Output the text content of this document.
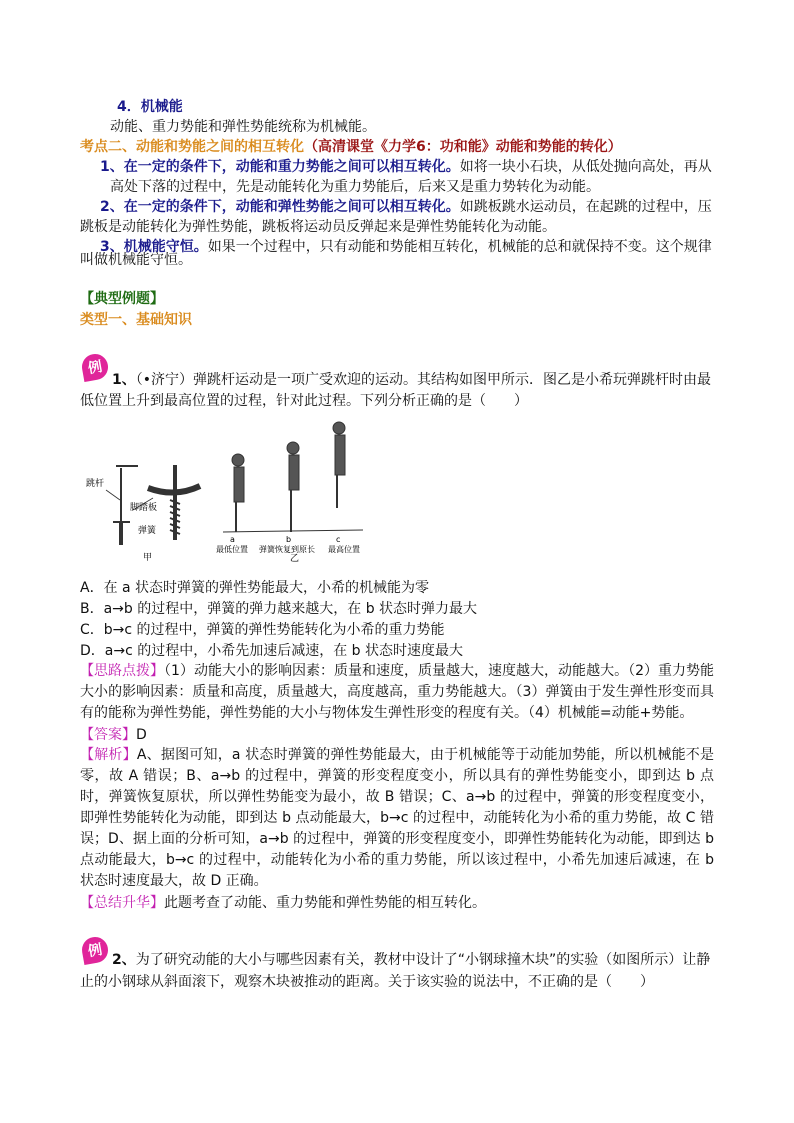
4．机械能
动能、重力势能和弹性势能统称为机械能。
考点二、动能和势能之间的相互转化（高清课堂《力学6：功和能》动能和势能的转化）
1、在一定的条件下，动能和重力势能之间可以相互转化。如将一块小石块，从低处抛向高处，再从
高处下落的过程中，先是动能转化为重力势能后，后来又是重力势转化为动能。
2、在一定的条件下，动能和弹性势能之间可以相互转化。如跳板跳水运动员，在起跳的过程中，压
跳板是动能转化为弹性势能，跳板将运动员反弹起来是弹性势能转化为动能。
3、机械能守恒。如果一个过程中，只有动能和势能相互转化，机械能的总和就保持不变。这个规律
叫做机械能守恒。
【典型例题】
类型一、基础知识
例
1、（•济宁）弹跳杆运动是一项广受欢迎的运动。其结构如图甲所示．图乙是小希玩弹跳杆时由最
低位置上升到最高位置的过程，针对此过程。下列分析正确的是（　　）
跳杆
脚踏板
弹簧
甲
a	b	c
最低位置 弹簧恢复到原长 最高位置
乙
A．在 a 状态时弹簧的弹性势能最大，小希的机械能为零
B．a→b 的过程中，弹簧的弹力越来越大，在 b 状态时弹力最大
C．b→c 的过程中，弹簧的弹性势能转化为小希的重力势能
D．a→c 的过程中，小希先加速后减速，在 b 状态时速度最大
【思路点拨】（1）动能大小的影响因素：质量和速度，质量越大，速度越大，动能越大。（2）重力势能大小的影响因素：质量和高度，质量越大，高度越高，重力势能越大。（3）弹簧由于发生弹性形变而具有的能称为弹性势能，弹性势能的大小与物体发生弹性形变的程度有关。（4）机械能=动能+势能。
【答案】D
【解析】A、据图可知，a 状态时弹簧的弹性势能最大，由于机械能等于动能加势能，所以机械能不是零，故 A 错误；B、a→b 的过程中，弹簧的形变程度变小，所以具有的弹性势能变小，即到达 b 点时，弹簧恢复原状，所以弹性势能变为最小，故 B 错误；C、a→b 的过程中，弹簧的形变程度变小，即弹性势能转化为动能，即到达 b 点动能最大，b→c 的过程中，动能转化为小希的重力势能，故 C 错误；D、据上面的分析可知，a→b 的过程中，弹簧的形变程度变小，即弹性势能转化为动能，即到达 b 点动能最大，b→c 的过程中，动能转化为小希的重力势能，所以该过程中，小希先加速后减速，在 b 状态时速度最大，故 D 正确。
【总结升华】此题考查了动能、重力势能和弹性势能的相互转化。
例 2、为了研究动能的大小与哪些因素有关，教材中设计了“小钢球撞木块”的实验（如图所示）让静
止的小钢球从斜面滚下，观察木块被推动的距离。关于该实验的说法中，不正确的是（　　）
